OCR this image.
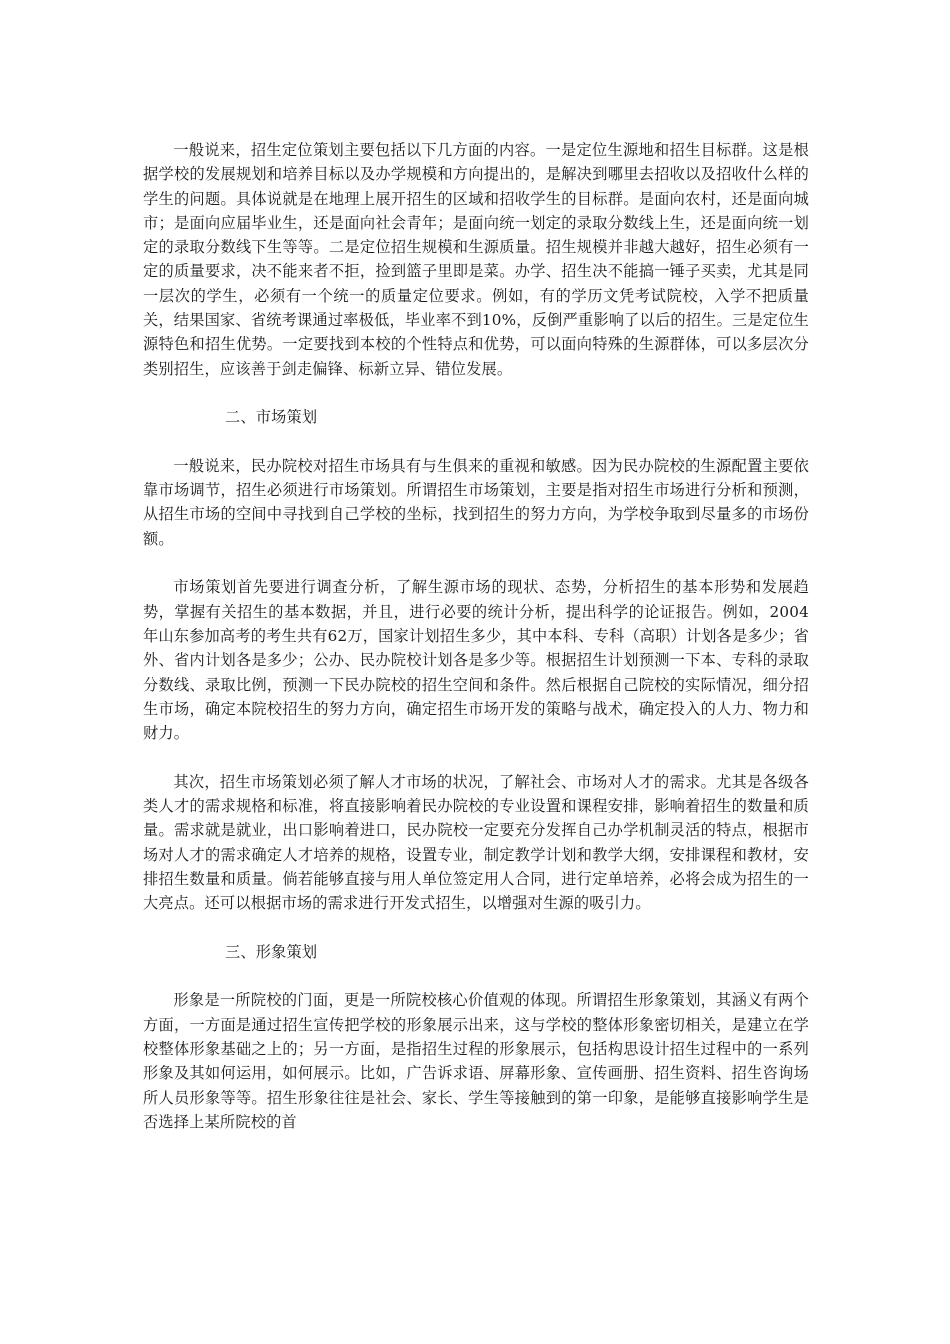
一般说来，招生定位策划主要包括以下几方面的内容。一是定位生源地和招生目标群。这是根据学校的发展规划和培养目标以及办学规模和方向提出的，是解决到哪里去招收以及招收什么样的学生的问题。具体说就是在地理上展开招生的区域和招收学生的目标群。是面向农村，还是面向城市；是面向应届毕业生，还是面向社会青年；是面向统一划定的录取分数线上生，还是面向统一划定的录取分数线下生等等。二是定位招生规模和生源质量。招生规模并非越大越好，招生必须有一定的质量要求，决不能来者不拒，捡到篮子里即是菜。办学、招生决不能搞一锤子买卖，尤其是同一层次的学生，必须有一个统一的质量定位要求。例如，有的学历文凭考试院校，入学不把质量关，结果国家、省统考课通过率极低，毕业率不到10%，反倒严重影响了以后的招生。三是定位生源特色和招生优势。一定要找到本校的个性特点和优势，可以面向特殊的生源群体，可以多层次分类别招生，应该善于剑走偏锋、标新立异、错位发展。

二、市场策划

一般说来，民办院校对招生市场具有与生俱来的重视和敏感。因为民办院校的生源配置主要依靠市场调节，招生必须进行市场策划。所谓招生市场策划，主要是指对招生市场进行分析和预测，从招生市场的空间中寻找到自己学校的坐标，找到招生的努力方向，为学校争取到尽量多的市场份额。

市场策划首先要进行调查分析，了解生源市场的现状、态势，分析招生的基本形势和发展趋势，掌握有关招生的基本数据，并且，进行必要的统计分析，提出科学的论证报告。例如，2004年山东参加高考的考生共有62万，国家计划招生多少，其中本科、专科（高职）计划各是多少；省外、省内计划各是多少；公办、民办院校计划各是多少等。根据招生计划预测一下本、专科的录取分数线、录取比例，预测一下民办院校的招生空间和条件。然后根据自己院校的实际情况，细分招生市场，确定本院校招生的努力方向，确定招生市场开发的策略与战术，确定投入的人力、物力和财力。

其次，招生市场策划必须了解人才市场的状况，了解社会、市场对人才的需求。尤其是各级各类人才的需求规格和标准，将直接影响着民办院校的专业设置和课程安排，影响着招生的数量和质量。需求就是就业，出口影响着进口，民办院校一定要充分发挥自己办学机制灵活的特点，根据市场对人才的需求确定人才培养的规格，设置专业，制定教学计划和教学大纲，安排课程和教材，安排招生数量和质量。倘若能够直接与用人单位签定用人合同，进行定单培养，必将会成为招生的一大亮点。还可以根据市场的需求进行开发式招生，以增强对生源的吸引力。

三、形象策划

形象是一所院校的门面，更是一所院校核心价值观的体现。所谓招生形象策划，其涵义有两个方面，一方面是通过招生宣传把学校的形象展示出来，这与学校的整体形象密切相关，是建立在学校整体形象基础之上的；另一方面，是指招生过程的形象展示，包括构思设计招生过程中的一系列形象及其如何运用，如何展示。比如，广告诉求语、屏幕形象、宣传画册、招生资料、招生咨询场所人员形象等等。招生形象往往是社会、家长、学生等接触到的第一印象，是能够直接影响学生是否选择上某所院校的首
